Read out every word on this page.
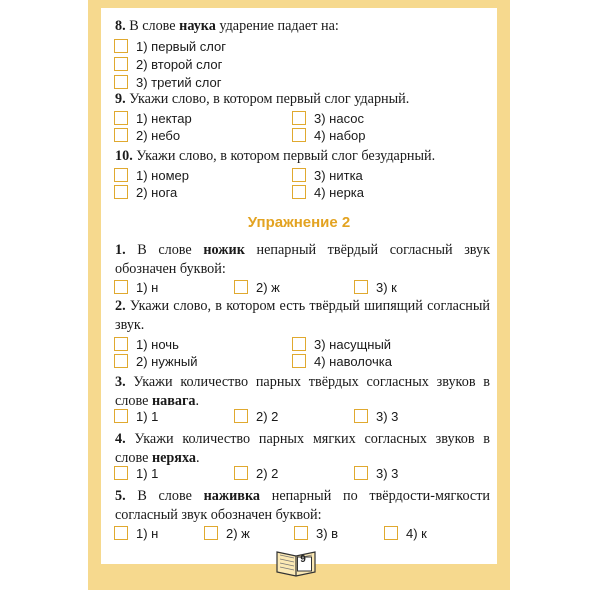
8. В слове наука ударение падает на:
1) первый слог
2) второй слог
3) третий слог
9. Укажи слово, в котором первый слог ударный.
1) нектар
2) небо
3) насос
4) набор
10. Укажи слово, в котором первый слог безударный.
1) номер
2) нога
3) нитка
4) нерка
Упражнение 2
1. В слове ножик непарный твёрдый согласный звук обозначен буквой:
1) н	2) ж	3) к
2. Укажи слово, в котором есть твёрдый шипящий согласный звук.
1) ночь
2) нужный
3) насущный
4) наволочка
3. Укажи количество парных твёрдых согласных звуков в слове навага.
1) 1	2) 2	3) 3
4. Укажи количество парных мягких согласных звуков в слове неряха.
1) 1	2) 2	3) 3
5. В слове наживка непарный по твёрдости-мягкости согласный звук обозначен буквой:
1) н	2) ж	3) в	4) к
9
